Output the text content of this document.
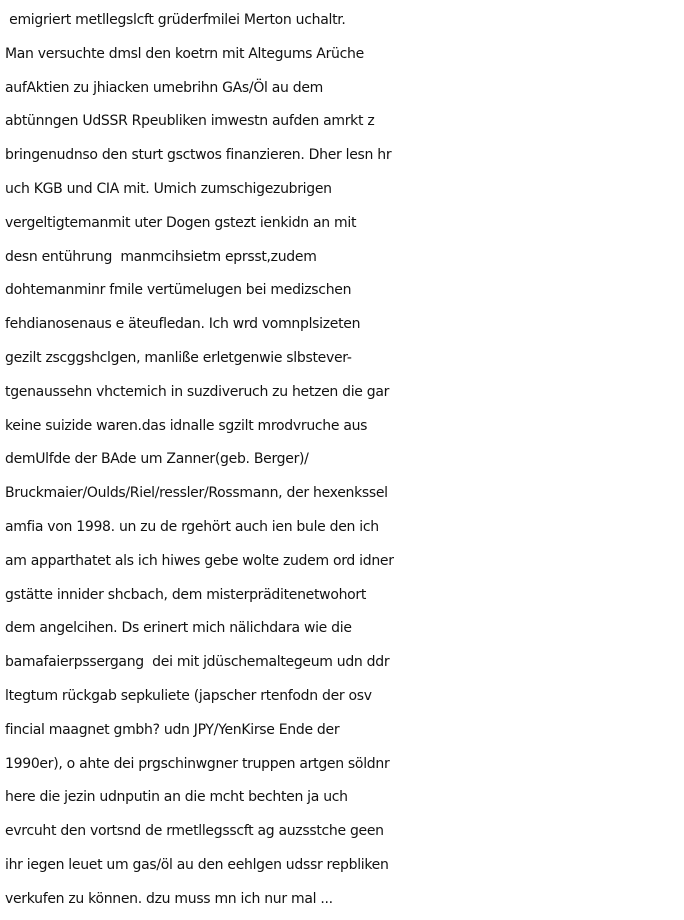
emigriert metllegslcft grüderfmilei Merton uchaltr.
Man versuchte dmsl den koetrn mit Altegums Arüche
aufAktien zu jhiacken umebrihn GAs/Öl au dem
abtünngen UdSSR Rpeubliken imwestn aufden amrkt z
bringenudnso den sturt gsctwos finanzieren. Dher lesn hr
uch KGB und CIA mit. Umich zumschigezubrigen
vergeltigtemanmit uter Dogen gstezt ienkidn an mit
desn entührung  manmcihsietm eprsst,zudem
dohtemanminr fmile vertümelugen bei medizschen
fehdianosenaus e äteufledan. Ich wrd vomnplsizeten
gezilt zscggshclgen, manliße erletgenwie slbstever-
tgenaussehn vhctemich in suzdiveruch zu hetzen die gar
keine suizide waren.das idnalle sgzilt mrodvruche aus
demUlfde der BAde um Zanner(geb. Berger)/
Bruckmaier/Oulds/Riel/ressler/Rossmann, der hexenkssel
amfia von 1998. un zu de rgehört auch ien bule den ich
am apparthatet als ich hiwes gebe wolte zudem ord idner
gstätte innider shcbach, dem misterpräditenetwohort
dem angelcihen. Ds erinert mich nälichdara wie die
bamafaierpssergang  dei mit jdüschemaltegeum udn ddr
ltegtum rückgab sepkuliete (japscher rtenfodn der osv
fincial maagnet gmbh? udn JPY/YenKirse Ende der
1990er), o ahte dei prgschinwgner truppen artgen söldnr
here die jezin udnputin an die mcht bechten ja uch
evrcuht den vortsnd de rmetllegsscft ag auzsstche geen
ihr iegen leuet um gas/öl au den eehlgen udssr repbliken
verkufen zu können. dzu muss mn ich nur mal ...
